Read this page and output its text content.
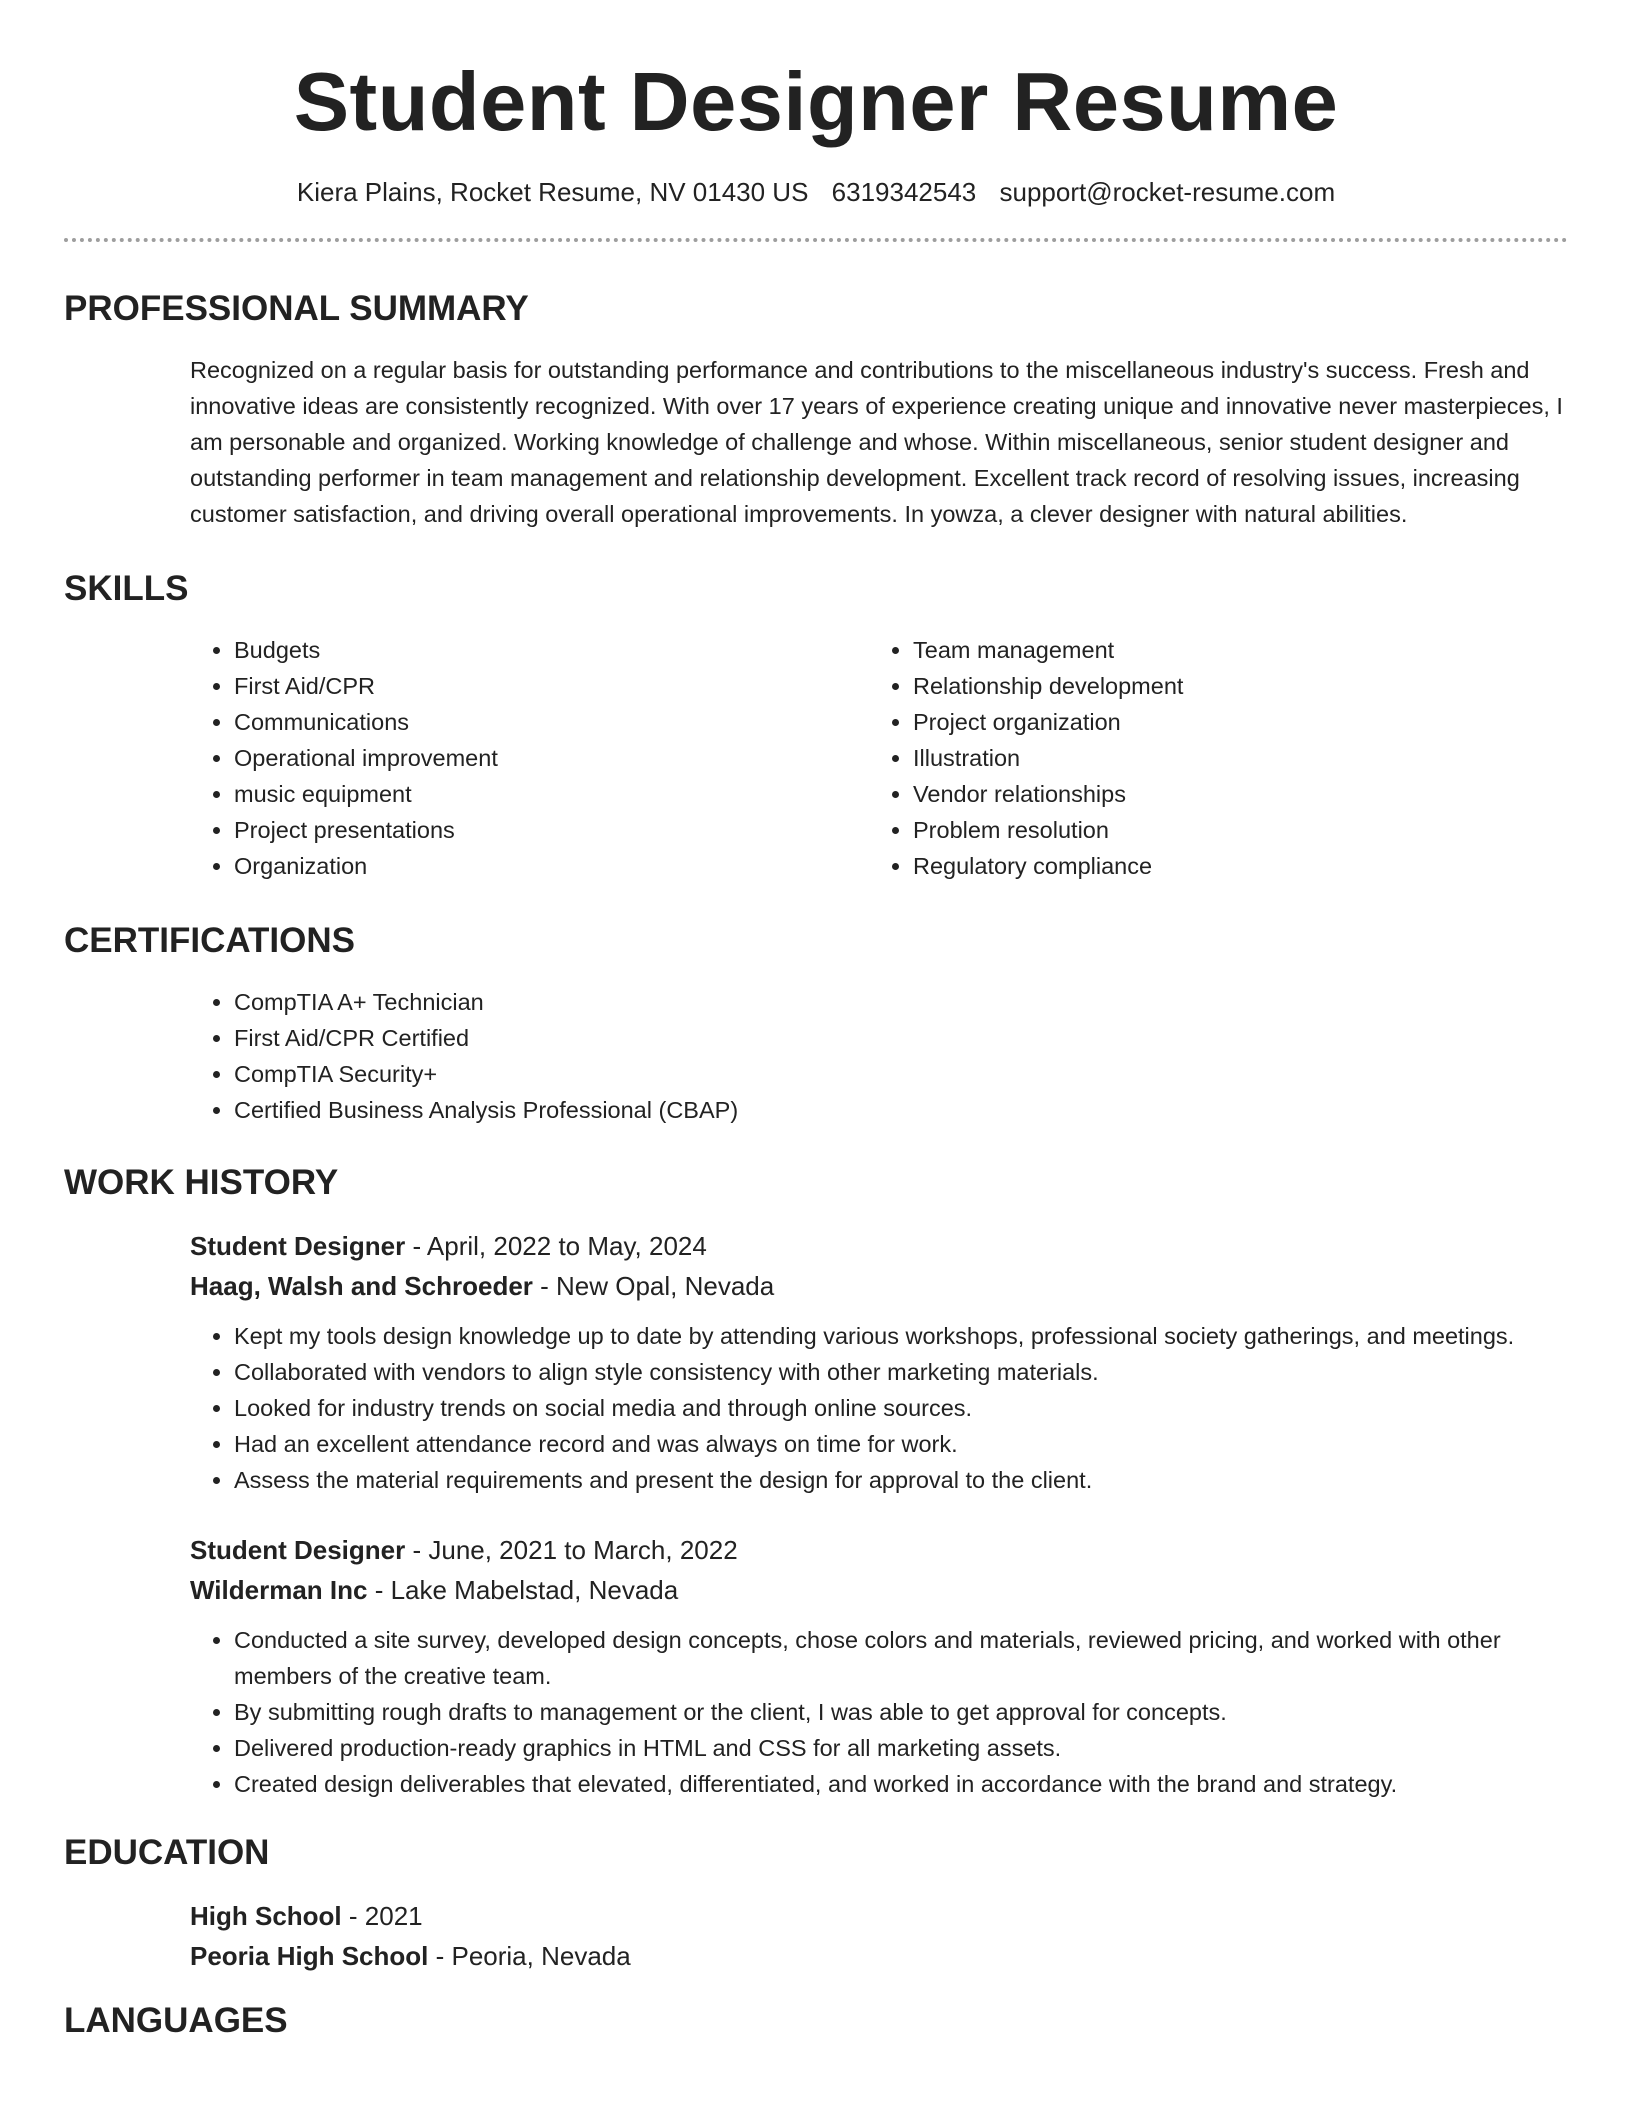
Student Designer Resume
Kiera Plains, Rocket Resume, NV 01430 US 6319342543 support@rocket-resume.com
PROFESSIONAL SUMMARY

Recognized on a regular basis for outstanding performance and contributions to the miscellaneous industry's success. Fresh and innovative ideas are consistently recognized. With over 17 years of experience creating unique and innovative never masterpieces, I am personable and organized. Working knowledge of challenge and whose. Within miscellaneous, senior student designer and outstanding performer in team management and relationship development. Excellent track record of resolving issues, increasing customer satisfaction, and driving overall operational improvements. In yowza, a clever designer with natural abilities.

SKILLS
• Budgets
• First Aid/CPR
• Communications
• Operational improvement
• music equipment
• Project presentations
• Organization
• Team management
• Relationship development
• Project organization
• Illustration
• Vendor relationships
• Problem resolution
• Regulatory compliance
CERTIFICATIONS
• CompTIA A+ Technician
• First Aid/CPR Certified
• CompTIA Security+
• Certified Business Analysis Professional (CBAP)
WORK HISTORY
Student Designer - April, 2022 to May, 2024
Haag, Walsh and Schroeder - New Opal, Nevada
• Kept my tools design knowledge up to date by attending various workshops, professional society gatherings, and meetings.
• Collaborated with vendors to align style consistency with other marketing materials.
• Looked for industry trends on social media and through online sources.
• Had an excellent attendance record and was always on time for work.
• Assess the material requirements and present the design for approval to the client.
Student Designer - June, 2021 to March, 2022
Wilderman Inc - Lake Mabelstad, Nevada
• Conducted a site survey, developed design concepts, chose colors and materials, reviewed pricing, and worked with other members of the creative team.
• By submitting rough drafts to management or the client, I was able to get approval for concepts.
• Delivered production-ready graphics in HTML and CSS for all marketing assets.
• Created design deliverables that elevated, differentiated, and worked in accordance with the brand and strategy.
EDUCATION
High School - 2021
Peoria High School - Peoria, Nevada
LANGUAGES
